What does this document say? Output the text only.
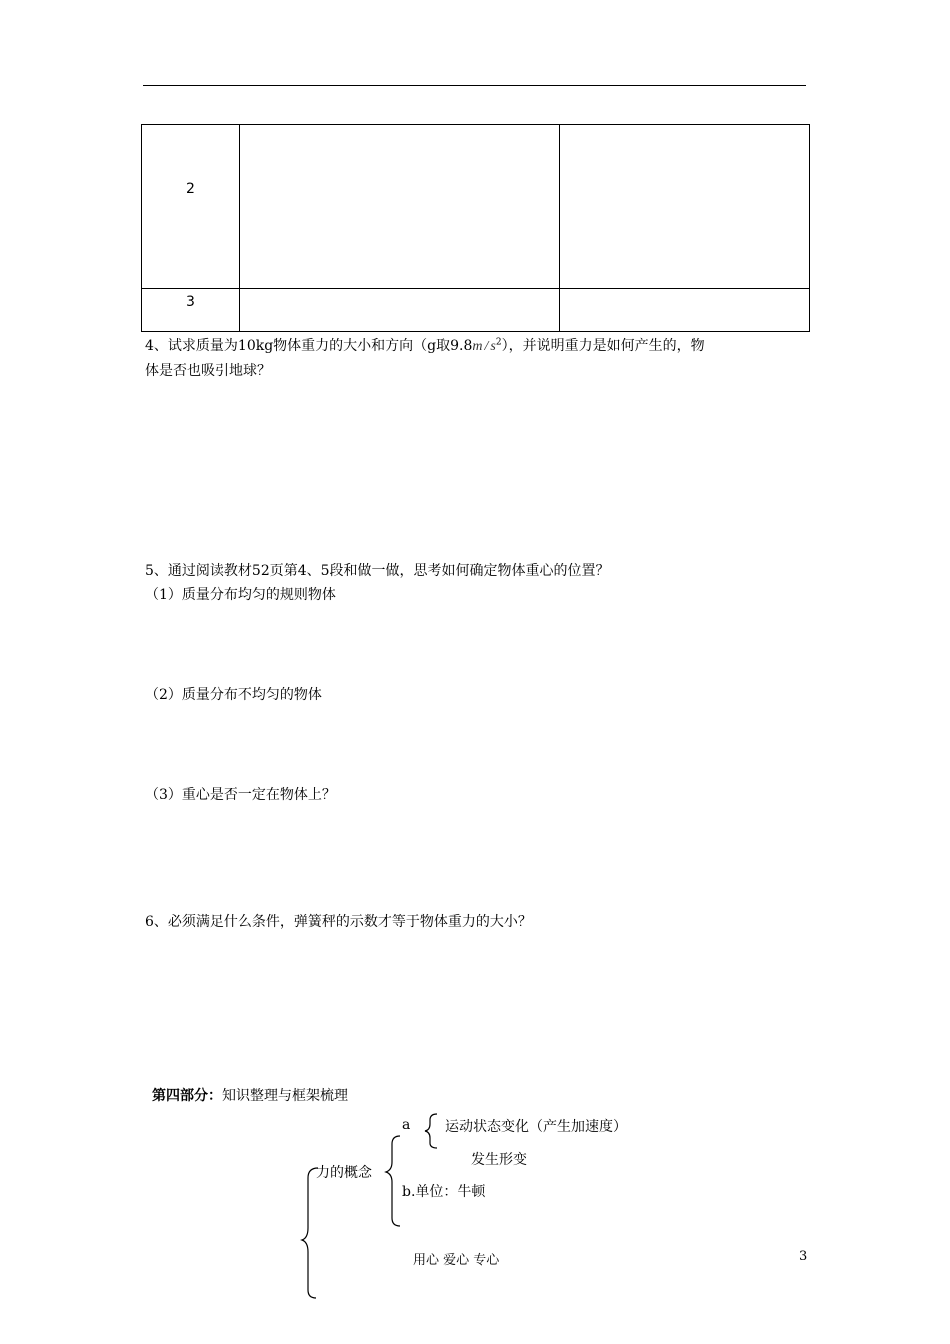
2		
3		
4、试求质量为10kg物体重力的大小和方向（g取$9.8m / s^2$），并说明重力是如何产生的，物
体是否也吸引地球？
5、通过阅读教材52页第4、5段和做一做，思考如何确定物体重心的位置？
（1）质量分布均匀的规则物体
（2）质量分布不均匀的物体
（3）重心是否一定在物体上？
6、必须满足什么条件，弹簧秤的示数才等于物体重力的大小？
第四部分：知识整理与框架梳理
力的概念
a 运动状态变化（产生加速度）
发生形变
b.单位：牛顿
用心 爱心 专心	3
